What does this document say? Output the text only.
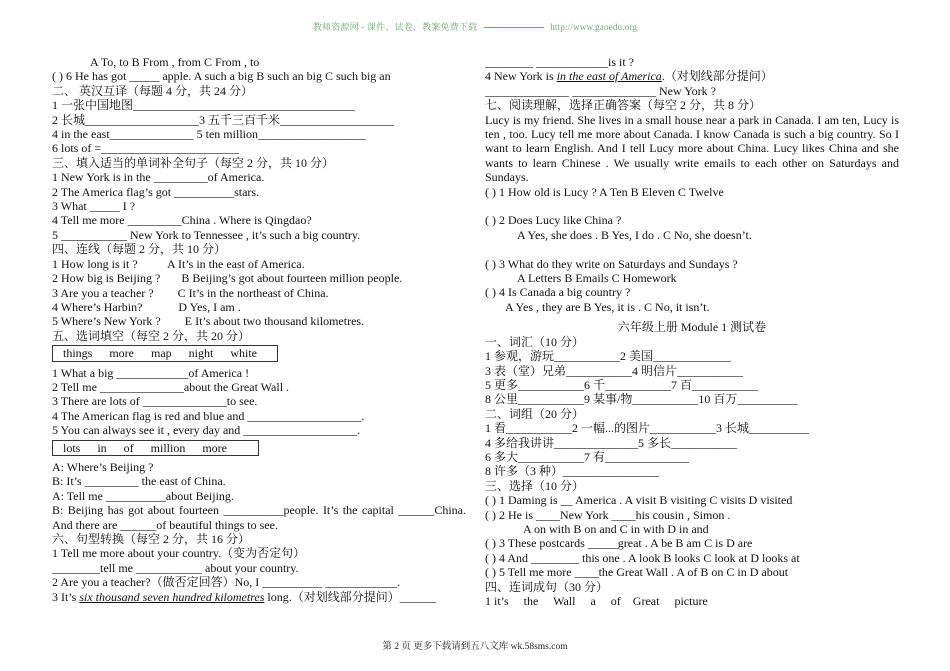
教师资源网 - 课件、试卷、教案免费下载	http://www.gaoedu.org
A To, to B From , from C From , to
( ) 6 He has got _____ apple. A such a big B such an big C such big an
二、 英汉互译（每题 4 分，共 24 分）
1 一张中国地图_____________________________________
2 长城___________________3 五千三百千米___________________
4 in the east______________ 5 ten million__________________
6 lots of =_______________________
三、填入适当的单词补全句子（每空 2 分，共 10 分）
1 New York is in the _________of America.
2 The America flag’s got __________stars.
3 What _____ I ?
4 Tell me more _________China . Where is Qingdao?
5 ___________ New York to Tennessee , it’s such a big country.
四、连线（每题 2 分，共 10 分）
1 How long is it ?          A It’s in the east of America.
2 How big is Beijing ?       B Beijing’s got about fourteen million people.
3 Are you a teacher ?        C It’s in the northeast of China.
4 Where’s Harbin?            D Yes, I am .
5 Where’s New York ?        E It’s about two thousand kilometres.
五、选词填空（每空 2 分，共 20 分）
things more map night white
1 What a big ____________of America !
2 Tell me ______________about the Great Wall .
3 There are lots of ______________to see.
4 The American flag is red and blue and ___________________.
5 You can always see it , every day and ___________________.
lots in of million more
A: Where’s Beijing ?
B: It’s _________ the east of China.
A: Tell me __________about Beijing.
B: Beijing has got about fourteen __________people. It’s the capital ______China. And there are ______of beautiful things to see.
六、句型转换（每空 2 分，共 16 分）
1 Tell me more about your country.（变为否定句）
________tell me ___________ about your country.
2 Are you a teacher?（做否定回答）No, I __________ ____________.
3 It’s six thousand seven hundred kilometres long.（对划线部分提问）______
________ ____________is it ?
4 New York is in the east of America.（对划线部分提问）
______________ ______________ New York ?
七、阅读理解，选择正确答案（每空 2 分，共 8 分）
Lucy is my friend. She lives in a small house near a park in Canada. I am ten, Lucy is ten , too. Lucy tell me more about Canada. I know Canada is such a big country. So I want to learn English. And I tell Lucy more about China. Lucy likes China and she wants to learn Chinese . We usually write emails to each other on Saturdays and Sundays.
( ) 1 How old is Lucy ? A Ten B Eleven C Twelve
( ) 2 Does Lucy like China ?
A Yes, she does . B Yes, I do . C No, she doesn’t.
( ) 3 What do they write on Saturdays and Sundays ?
A Letters B Emails C Homework
( ) 4 Is Canada a big country ?
A Yes , they are B Yes, it is . C No, it isn’t.
六年级上册 Module 1 测试卷
一、词汇（10 分）
1 参观，游玩___________2 美国_____________
3 表（堂）兄弟___________4 明信片___________
5 更多___________6 千___________7 百___________
8 公里___________9 某事/物___________10 百万__________
二、词组（20 分）
1 看___________2 一幅...的图片___________3 长城__________
4 多给我讲讲______________5 多长___________
6 多大___________7 有______________
8 许多（3 种）________________
三、选择（10 分）
( ) 1 Daming is __ America . A visit B visiting C visits D visited
( ) 2 He is ____New York ____his cousin , Simon .
A on with B on and C in with D in and
( ) 3 These postcards _____great . A be B am C is D are
( ) 4 And ________ this one . A look B looks C look at D looks at
( ) 5 Tell me more ____the Great Wall . A of B on C in D about
四、连词成句（30 分）
1 it’s     the     Wall     a     of    Great     picture
第 2 页 更多下载请到五八文库 wk.58sms.com
